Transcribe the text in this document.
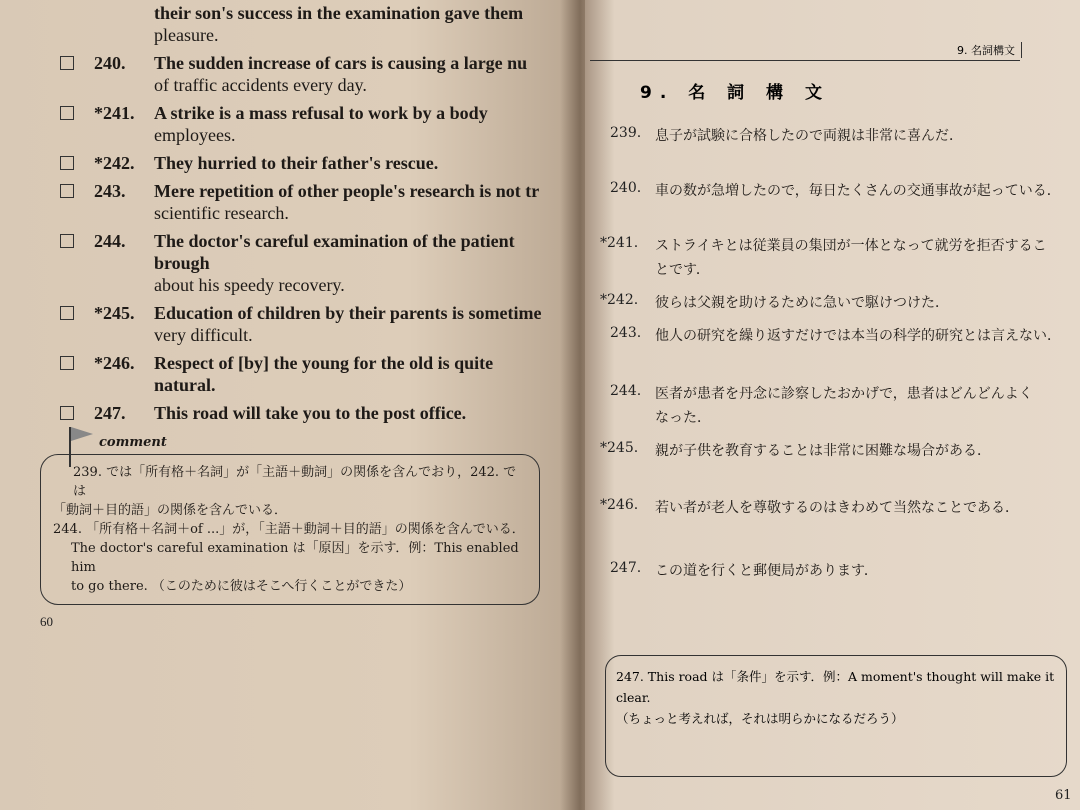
their son's success in the examination gave them
pleasure.
240.	The sudden increase of cars is causing a large nu
of traffic accidents every day.
*241.	A strike is a mass refusal to work by a body
employees.
*242.	They hurried to their father's rescue.
243.	Mere repetition of other people's research is not tr
scientific research.
244.	The doctor's careful examination of the patient brough
about his speedy recovery.
*245.	Education of children by their parents is sometime
very difficult.
*246.	Respect of [by] the young for the old is quite natural.
247.	This road will take you to the post office.
comment
239. では「所有格＋名詞」が「主語＋動詞」の関係を含んでおり，242. では
「動詞＋目的語」の関係を含んでいる．
244. 「所有格＋名詞＋of ...」が，「主語＋動詞＋目的語」の関係を含んでいる．
The doctor's careful examination は「原因」を示す．例：This enabled him
to go there. （このために彼はそこへ行くことができた）
60
9. 名詞構文
9. 名 詞 構 文
239. 息子が試験に合格したので両親は非常に喜んだ．
240. 車の数が急増したので，毎日たくさんの交通事故が起っている．
*241. ストライキとは従業員の集団が一体となって就労を拒否するこ
とです．
*242. 彼らは父親を助けるために急いで駆けつけた．
243. 他人の研究を繰り返すだけでは本当の科学的研究とは言えない．
244. 医者が患者を丹念に診察したおかげで，患者はどんどんよく
なった．
*245. 親が子供を教育することは非常に困難な場合がある．
*246. 若い者が老人を尊敬するのはきわめて当然なことである．
247. この道を行くと郵便局があります．
247. This road は「条件」を示す．例：A moment's thought will make it clear.
（ちょっと考えれば，それは明らかになるだろう）
61
